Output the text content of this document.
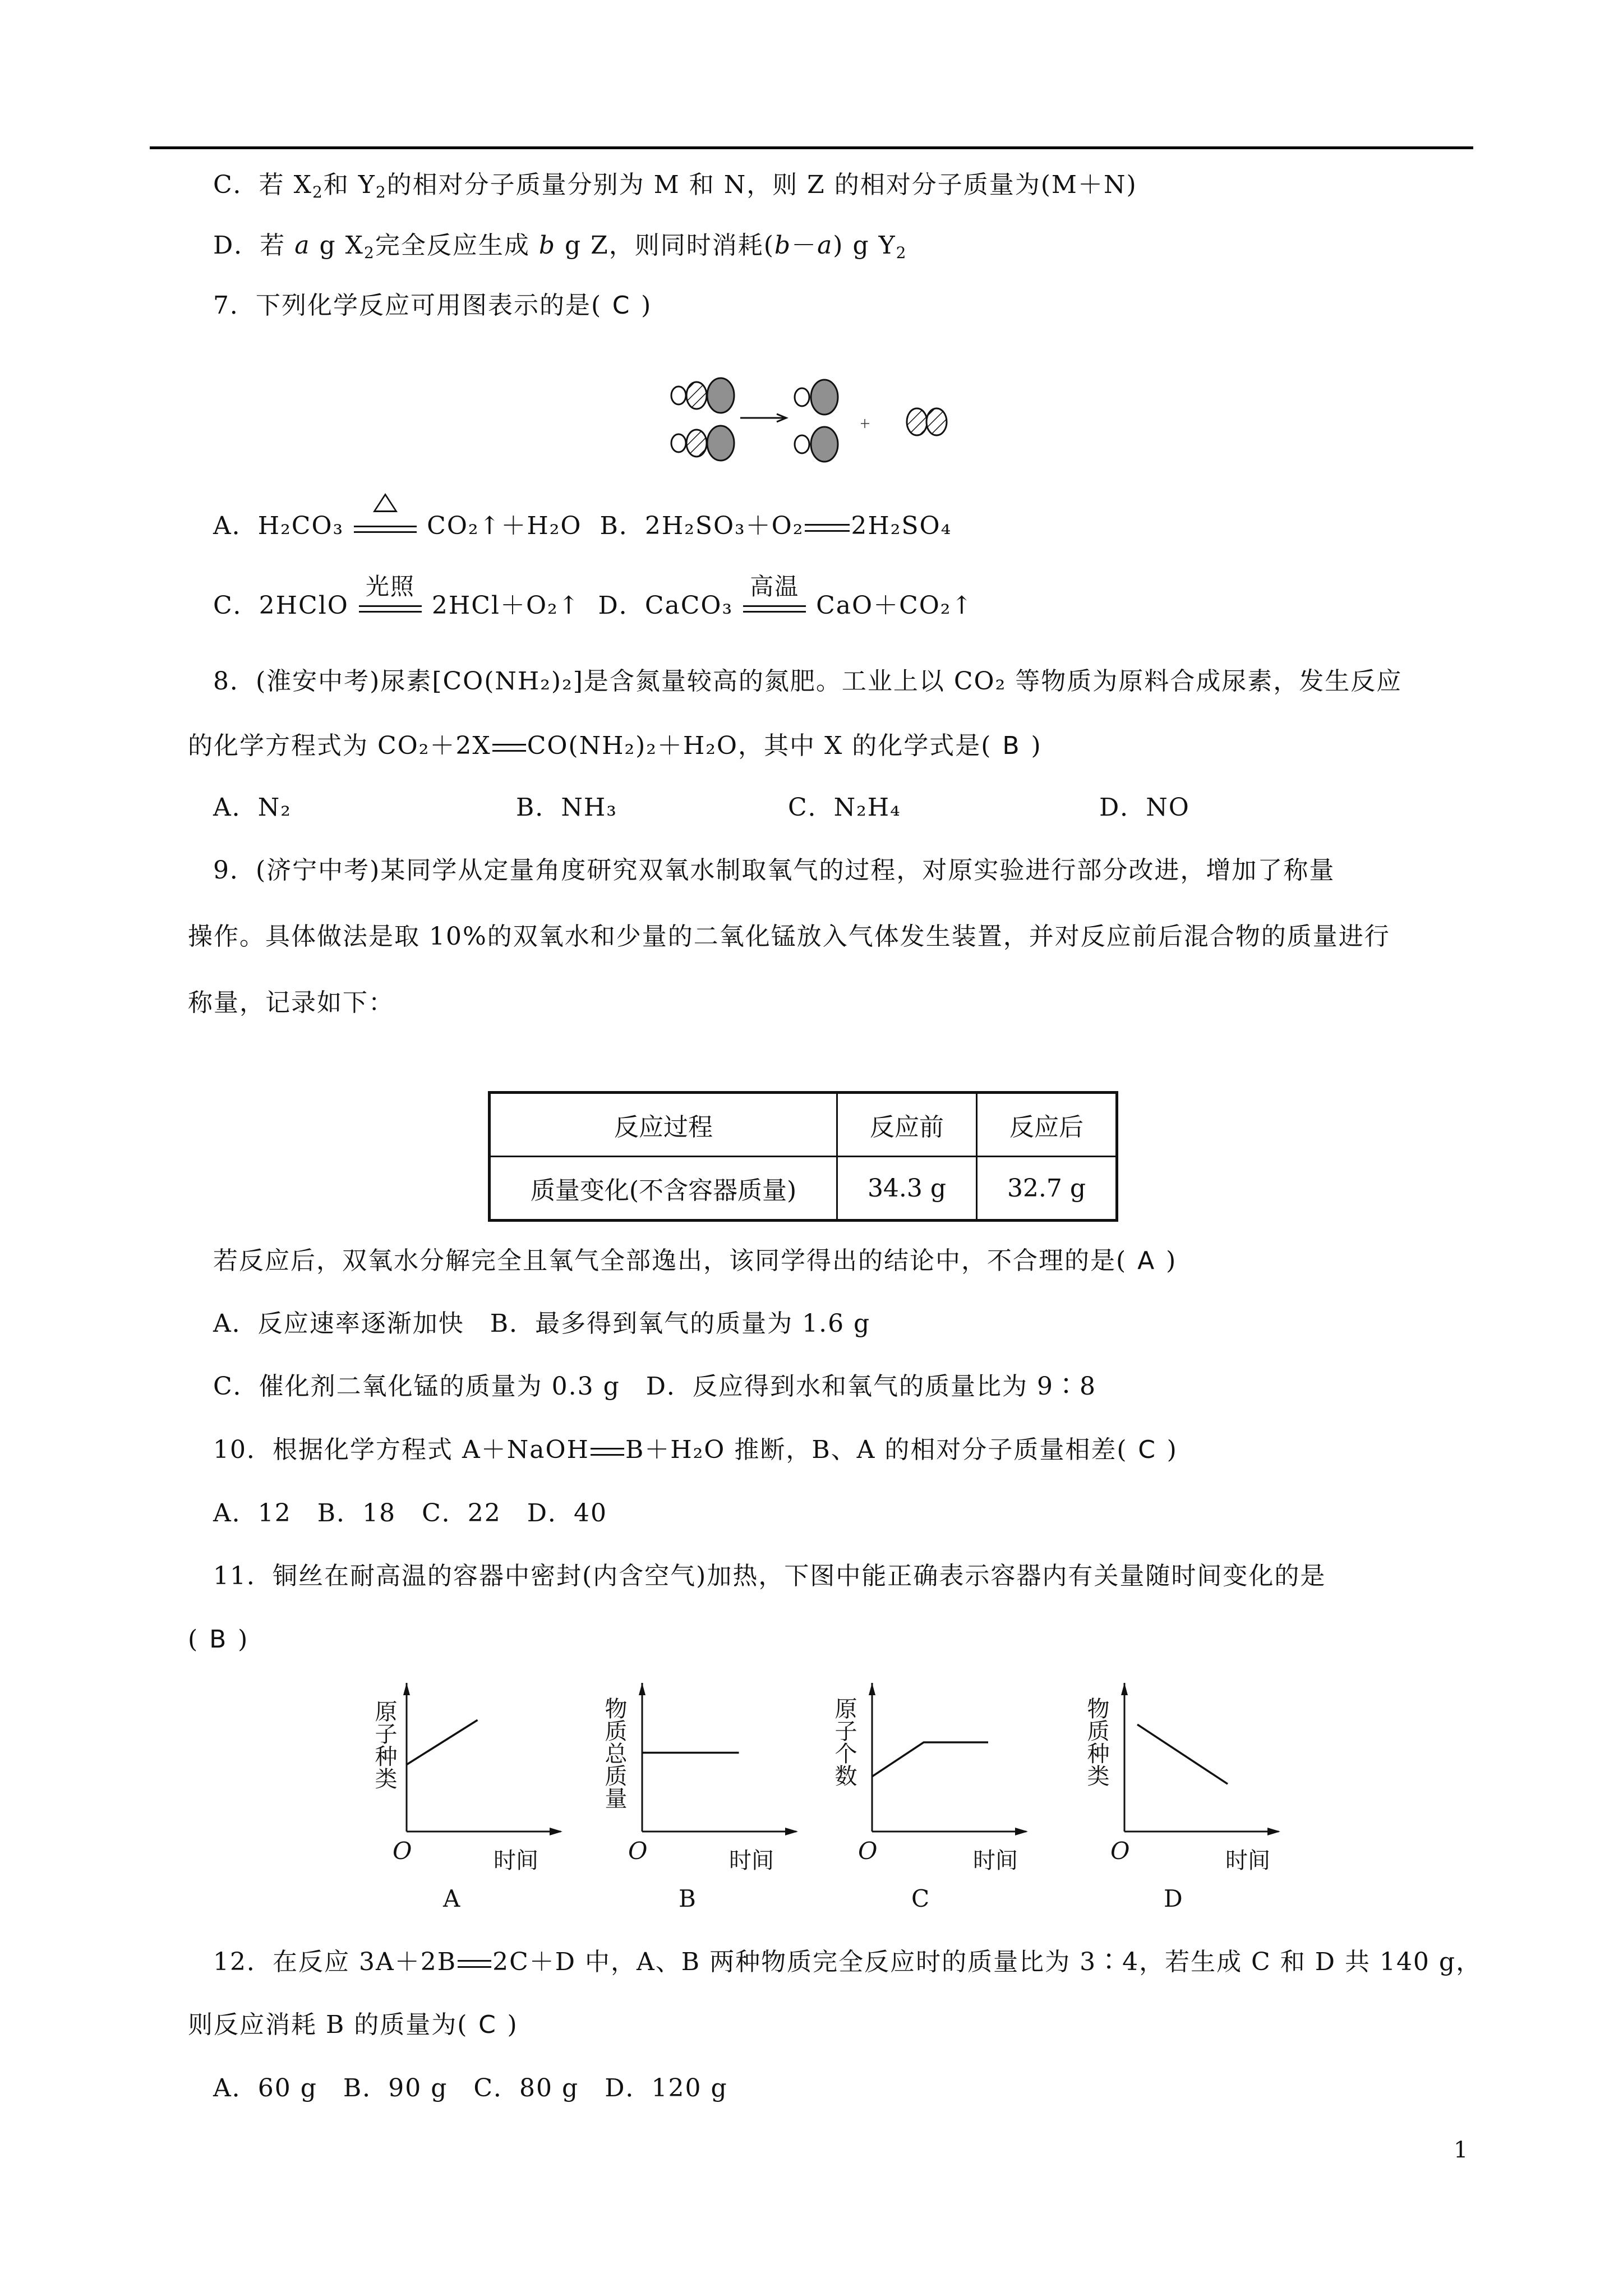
C．若 $X_2$和 $Y_2$的相对分子质量分别为 M 和 N，则 Z 的相对分子质量为(M＋N)
D．若 a g $X_2$完全反应生成 b g Z，则同时消耗(b－a) g $Y_2$
7．下列化学反应可用图表示的是( C )
A．H₂CO₃	CO₂↑＋H₂O B．2H₂SO₃＋O₂ 2H₂SO₄
C．2HClO
光照
2HCl＋O₂↑ D．CaCO₃
高温
CaO＋CO₂↑
8．(淮安中考)尿素[CO(NH₂)₂]是含氮量较高的氮肥。工业上以 CO₂ 等物质为原料合成尿素，发生反应
的化学方程式为 CO₂＋2X CO(NH₂)₂＋H₂O，其中 X 的化学式是( B )
A．N₂	B．NH₃	C．N₂H₄	D．NO
9．(济宁中考)某同学从定量角度研究双氧水制取氧气的过程，对原实验进行部分改进，增加了称量
操作。具体做法是取 10%的双氧水和少量的二氧化锰放入气体发生装置，并对反应前后混合物的质量进行
称量，记录如下：
反应过程	反应前	反应后
质量变化(不含容器质量)	34.3 g	32.7 g
若反应后，双氧水分解完全且氧气全部逸出，该同学得出的结论中，不合理的是( A )
A．反应速率逐渐加快　B．最多得到氧气的质量为 1.6 g
C．催化剂二氧化锰的质量为 0.3 g　D．反应得到水和氧气的质量比为 9∶8
10．根据化学方程式 A＋NaOH B＋H₂O 推断，B、A 的相对分子质量相差( C )
A．12　B．18　C．22　D．40
11．铜丝在耐高温的容器中密封(内含空气)加热，下图中能正确表示容器内有关量随时间变化的是
( B )
原子种类
O	时间
A
物质总质量
O	时间
B
原子个数
O	时间
C
物质种类
O	时间
D
12．在反应 3A＋2B 2C＋D 中，A、B 两种物质完全反应时的质量比为 3∶4，若生成 C 和 D 共 140 g，
则反应消耗 B 的质量为( C )
A．60 g　B．90 g　C．80 g　D．120 g
1
